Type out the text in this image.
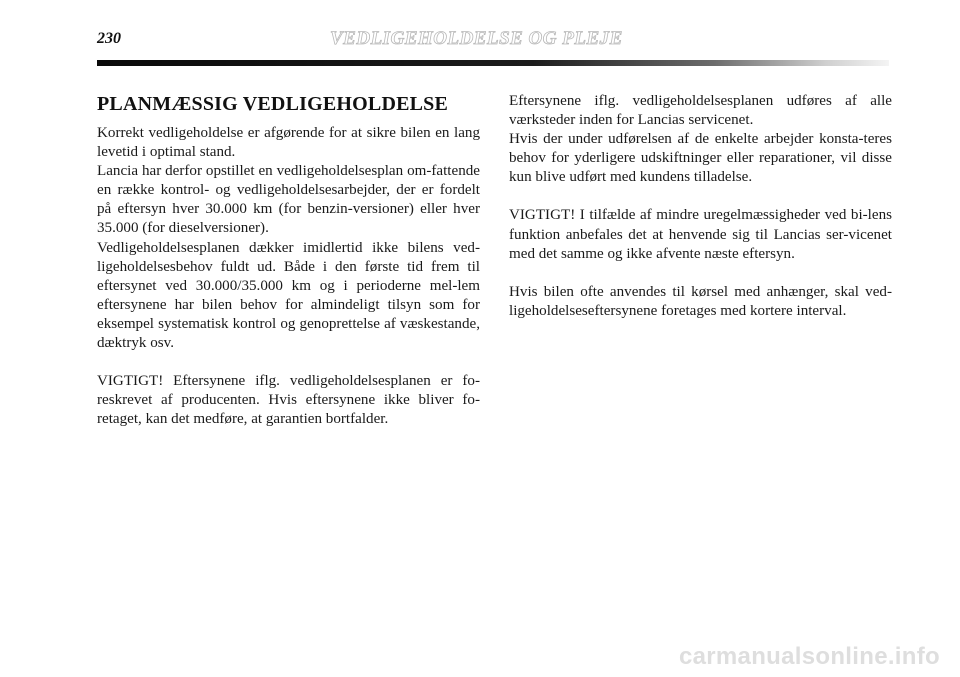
230	VEDLIGEHOLDELSE OG PLEJE
PLANMÆSSIG VEDLIGEHOLDELSE

Korrekt vedligeholdelse er afgørende for at sikre bilen en lang levetid i optimal stand.
Lancia har derfor opstillet en vedligeholdelsesplan om-fattende en række kontrol- og vedligeholdelsesarbejder, der er fordelt på eftersyn hver 30.000 km (for benzin-versioner) eller hver 35.000 (for dieselversioner).
Vedligeholdelsesplanen dækker imidlertid ikke bilens ved-ligeholdelsesbehov fuldt ud. Både i den første tid frem til eftersynet ved 30.000/35.000 km og i perioderne mel-lem eftersynene har bilen behov for almindeligt tilsyn som for eksempel systematisk kontrol og genoprettelse af væskestande, dæktryk osv.

VIGTIGT! Eftersynene iflg. vedligeholdelsesplanen er fo-reskrevet af producenten. Hvis eftersynene ikke bliver fo-retaget, kan det medføre, at garantien bortfalder.

Eftersynene iflg. vedligeholdelsesplanen udføres af alle værksteder inden for Lancias servicenet.
Hvis der under udførelsen af de enkelte arbejder konsta-teres behov for yderligere udskiftninger eller reparationer, vil disse kun blive udført med kundens tilladelse.

VIGTIGT! I tilfælde af mindre uregelmæssigheder ved bi-lens funktion anbefales det at henvende sig til Lancias ser-vicenet med det samme og ikke afvente næste eftersyn.

Hvis bilen ofte anvendes til kørsel med anhænger, skal ved-ligeholdelseseftersynene foretages med kortere interval.

carmanualsonline.info
